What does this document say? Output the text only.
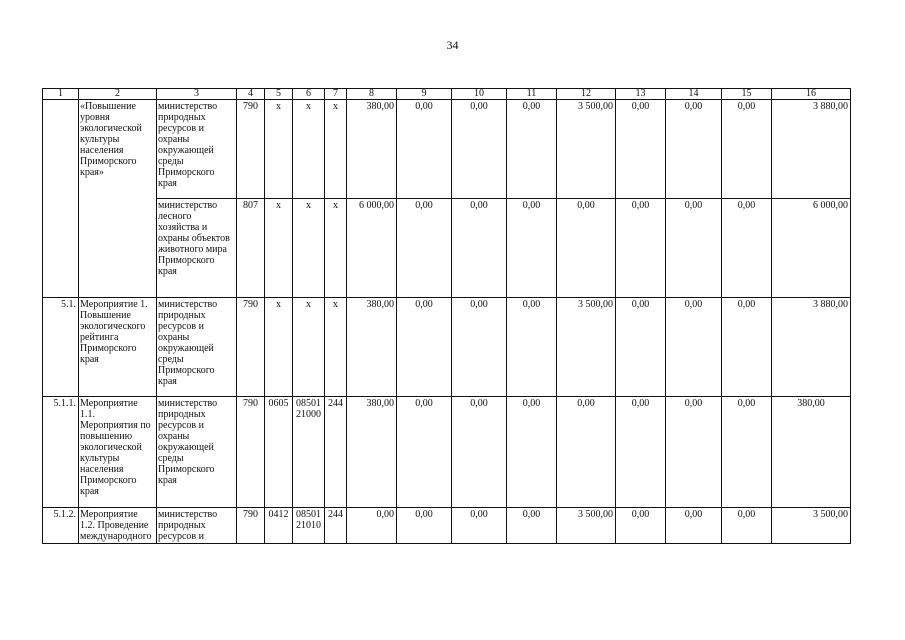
34
1	2	3	4	5	6	7	8	9	10	11	12	13	14	15	16
	«Повышение уровня экологической культуры населения Приморского края»	министерство природных ресурсов и охраны окружающей среды Приморского края	790	x	x	x	380,00	0,00	0,00	0,00	3 500,00	0,00	0,00	0,00	3 880,00
		министерство лесного хозяйства и охраны объектов животного мира Приморского края	807	x	x	x	6 000,00	0,00	0,00	0,00	0,00	0,00	0,00	0,00	6 000,00
5.1.	Мероприятие 1. Повышение экологического рейтинга Приморского края	министерство природных ресурсов и охраны окружающей среды Приморского края	790	x	x	x	380,00	0,00	0,00	0,00	3 500,00	0,00	0,00	0,00	3 880,00
5.1.1.	Мероприятие 1.1. Мероприятия по повышению экологической культуры населения Приморского края	министерство природных ресурсов и охраны окружающей среды Приморского края	790	0605	08501 21000	244	380,00	0,00	0,00	0,00	0,00	0,00	0,00	0,00	380,00
5.1.2.	Мероприятие 1.2. Проведение международного	министерство природных ресурсов и	790	0412	08501 21010	244	0,00	0,00	0,00	0,00	3 500,00	0,00	0,00	0,00	3 500,00
